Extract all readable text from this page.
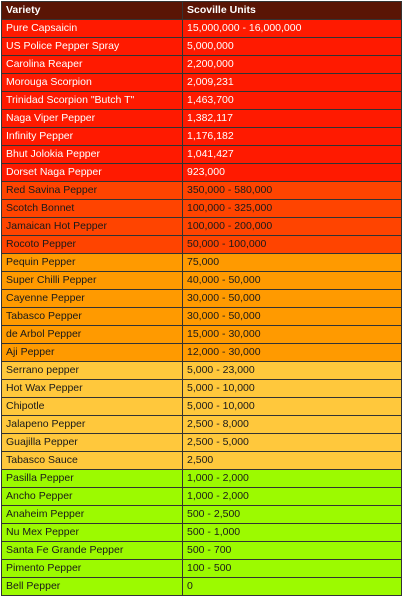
Variety	Scoville Units
Pure Capsaicin	15,000,000 - 16,000,000
US Police Pepper Spray	5,000,000
Carolina Reaper	2,200,000
Morouga Scorpion	2,009,231
Trinidad Scorpion "Butch T"	1,463,700
Naga Viper Pepper	1,382,117
Infinity Pepper	1,176,182
Bhut Jolokia Pepper	1,041,427
Dorset Naga Pepper	923,000
Red Savina Pepper	350,000 - 580,000
Scotch Bonnet	100,000 - 325,000
Jamaican Hot Pepper	100,000 - 200,000
Rocoto Pepper	50,000 - 100,000
Pequin Pepper	75,000
Super Chilli Pepper	40,000 - 50,000
Cayenne Pepper	30,000 - 50,000
Tabasco Pepper	30,000 - 50,000
de Arbol Pepper	15,000 - 30,000
Aji Pepper	12,000 - 30,000
Serrano pepper	5,000 - 23,000
Hot Wax Pepper	5,000 - 10,000
Chipotle	5,000 - 10,000
Jalapeno Pepper	2,500 - 8,000
Guajilla Pepper	2,500 - 5,000
Tabasco Sauce	2,500
Pasilla Pepper	1,000 - 2,000
Ancho Pepper	1,000 - 2,000
Anaheim Pepper	500 - 2,500
Nu Mex Pepper	500 - 1,000
Santa Fe Grande Pepper	500 - 700
Pimento Pepper	100 - 500
Bell Pepper	0
